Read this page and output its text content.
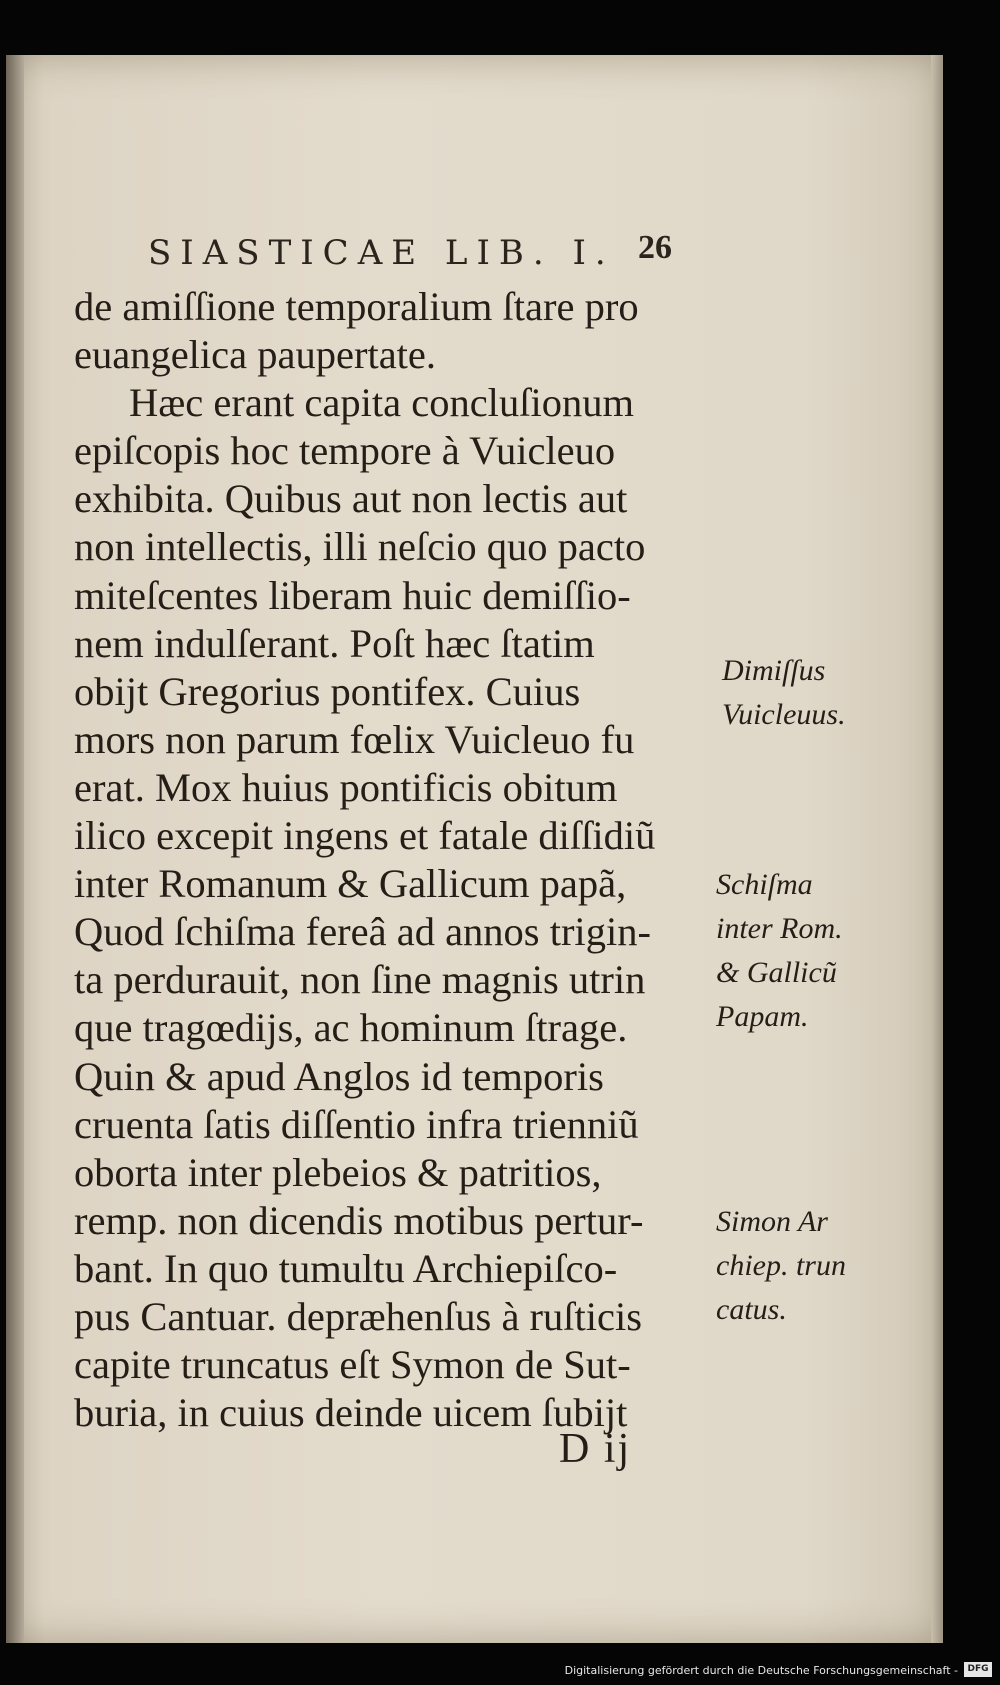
SIASTICAE LIB. I. 26
de amiſſione temporalium ſtare pro
euangelica paupertate.
Hæc erant capita concluſionum
epiſcopis hoc tempore à Vuicleuo
exhibita. Quibus aut non lectis aut
non intellectis, illi neſcio quo pacto
miteſcentes liberam huic demiſſio-
nem indulſerant. Poſt hæc ſtatim
obijt Gregorius pontifex. Cuius
mors non parum fœlix Vuicleuo fu
erat. Mox huius pontificis obitum
ilico excepit ingens et fatale diſſidiũ
inter Romanum & Gallicum papã,
Quod ſchiſma fereâ ad annos trigin-
ta perdurauit, non ſine magnis utrin
que tragœdijs, ac hominum ſtrage.
Quin & apud Anglos id temporis
cruenta ſatis diſſentio infra trienniũ
oborta inter plebeios & patritios,
remp. non dicendis motibus pertur-
bant. In quo tumultu Archiepiſco-
pus Cantuar. depræhenſus à ruſticis
capite truncatus eſt Symon de Sut-
buria, in cuius deinde uicem ſubijt
Dimiſſus
Vuicleuus.
Schiſma
inter Rom.
& Gallicũ
Papam.
Simon Ar
chiep. trun
catus.
D ij
Digitalisierung gefördert durch die Deutsche Forschungsgemeinschaft -	DFG
